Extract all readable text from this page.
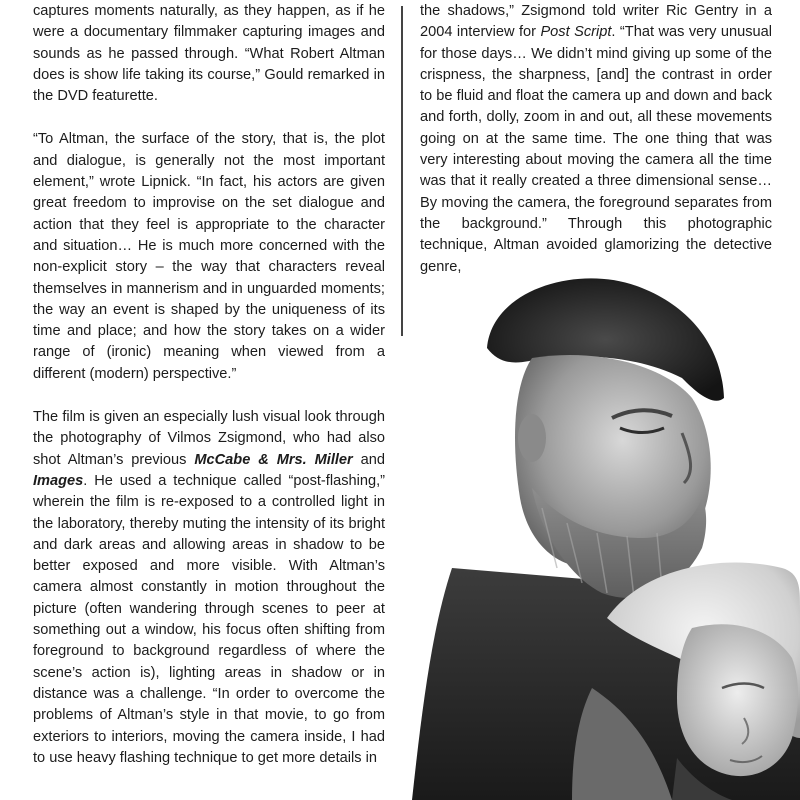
captures moments naturally, as they happen, as if he were a documentary filmmaker capturing images and sounds as he passed through. “What Robert Altman does is show life taking its course,” Gould remarked in the DVD featurette.

“To Altman, the surface of the story, that is, the plot and dialogue, is generally not the most important element,” wrote Lipnick. “In fact, his actors are given great freedom to improvise on the set dialogue and action that they feel is appropriate to the character and situation… He is much more concerned with the non-explicit story – the way that characters reveal themselves in mannerism and in unguarded moments; the way an event is shaped by the uniqueness of its time and place; and how the story takes on a wider range of (ironic) meaning when viewed from a different (modern) perspective.”

The film is given an especially lush visual look through the photography of Vilmos Zsigmond, who had also shot Altman’s previous McCabe & Mrs. Miller and Images. He used a technique called “post-flashing,” wherein the film is re-exposed to a controlled light in the laboratory, thereby muting the intensity of its bright and dark areas and allowing areas in shadow to be better exposed and more visible. With Altman’s camera almost constantly in motion throughout the picture (often wandering through scenes to peer at something out a window, his focus often shifting from foreground to background regardless of where the scene’s action is), lighting areas in shadow or in distance was a challenge. “In order to overcome the problems of Altman’s style in that movie, to go from exteriors to interiors, moving the camera inside, I had to use heavy flashing technique to get more details in

the shadows,” Zsigmond told writer Ric Gentry in a 2004 interview for Post Script. “That was very unusual for those days… We didn’t mind giving up some of the crispness, the sharpness, [and] the contrast in order to be fluid and float the camera up and down and back and forth, dolly, zoom in and out, all these movements going on at the same time. The one thing that was very interesting about moving the camera all the time was that it really created a three dimensional sense… By moving the camera, the foreground separates from the background.” Through this photographic technique, Altman avoided glamorizing the detective genre,
